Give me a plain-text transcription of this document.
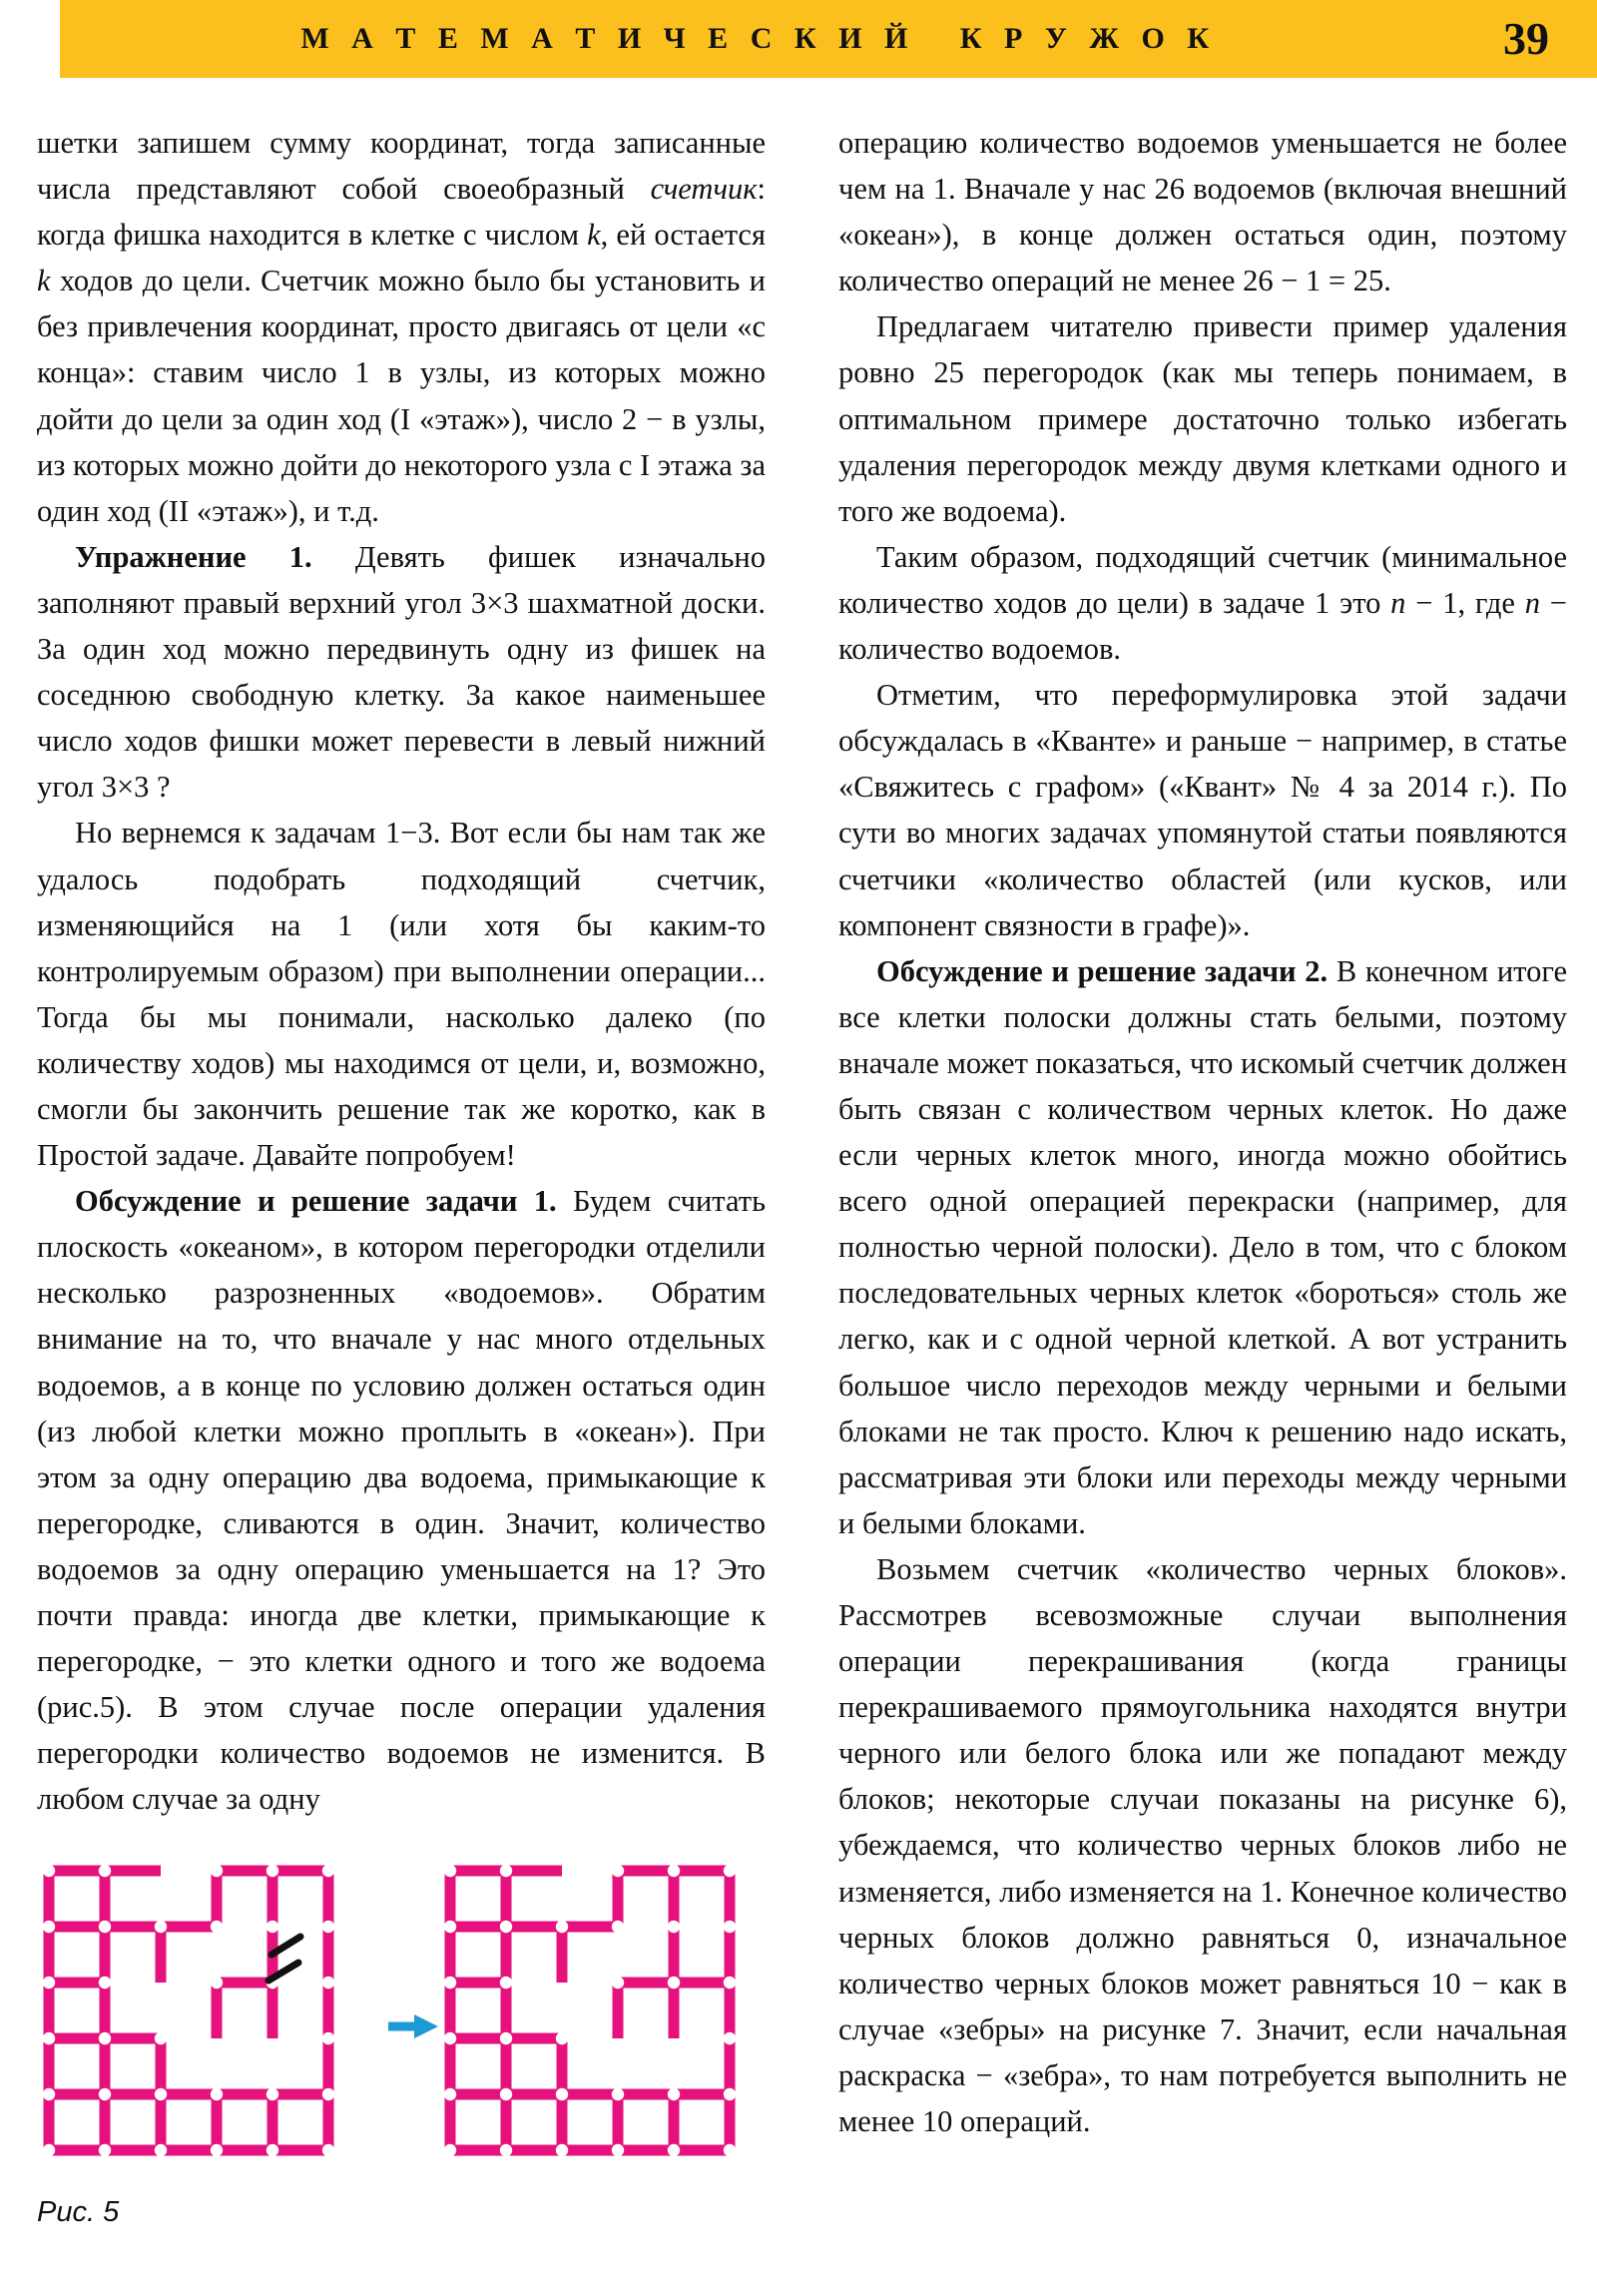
М А Т Е М А Т И Ч Е С К И Й   К Р У Ж О К	39

шетки запишем сумму координат, тогда записанные числа представляют собой своеобразный счетчик: когда фишка находится в клетке с числом k, ей остается k ходов до цели. Счетчик можно было бы установить и без привлечения координат, просто двигаясь от цели «с конца»: ставим число 1 в узлы, из которых можно дойти до цели за один ход (I «этаж»), число 2 − в узлы, из которых можно дойти до некоторого узла с I этажа за один ход (II «этаж»), и т.д.

Упражнение 1. Девять фишек изначально заполняют правый верхний угол 3×3 шахматной доски. За один ход можно передвинуть одну из фишек на соседнюю свободную клетку. За какое наименьшее число ходов фишки может перевести в левый нижний угол 3×3 ?

Но вернемся к задачам 1−3. Вот если бы нам так же удалось подобрать подходящий счетчик, изменяющийся на 1 (или хотя бы каким-то контролируемым образом) при выполнении операции... Тогда бы мы понимали, насколько далеко (по количеству ходов) мы находимся от цели, и, возможно, смогли бы закончить решение так же коротко, как в Простой задаче. Давайте попробуем!

Обсуждение и решение задачи 1. Будем считать плоскость «океаном», в котором перегородки отделили несколько разрозненных «водоемов». Обратим внимание на то, что вначале у нас много отдельных водоемов, а в конце по условию должен остаться один (из любой клетки можно проплыть в «океан»). При этом за одну операцию два водоема, примыкающие к перегородке, сливаются в один. Значит, количество водоемов за одну операцию уменьшается на 1? Это почти правда: иногда две клетки, примыкающие к перегородке, − это клетки одного и того же водоема (рис.5). В этом случае после операции удаления перегородки количество водоемов не изменится. В любом случае за одну

операцию количество водоемов уменьшается не более чем на 1. Вначале у нас 26 водоемов (включая внешний «океан»), в конце должен остаться один, поэтому количество операций не менее 26 − 1 = 25.

Предлагаем читателю привести пример удаления ровно 25 перегородок (как мы теперь понимаем, в оптимальном примере достаточно только избегать удаления перегородок между двумя клетками одного и того же водоема).

Таким образом, подходящий счетчик (минимальное количество ходов до цели) в задаче 1 это n − 1, где n − количество водоемов.

Отметим, что переформулировка этой задачи обсуждалась в «Кванте» и раньше − например, в статье «Свяжитесь с графом» («Квант» № 4 за 2014 г.). По сути во многих задачах упомянутой статьи появляются счетчики «количество областей (или кусков, или компонент связности в графе)».

Обсуждение и решение задачи 2. В конечном итоге все клетки полоски должны стать белыми, поэтому вначале может показаться, что искомый счетчик должен быть связан с количеством черных клеток. Но даже если черных клеток много, иногда можно обойтись всего одной операцией перекраски (например, для полностью черной полоски). Дело в том, что с блоком последовательных черных клеток «бороться» столь же легко, как и с одной черной клеткой. А вот устранить большое число переходов между черными и белыми блоками не так просто. Ключ к решению надо искать, рассматривая эти блоки или переходы между черными и белыми блоками.

Возьмем счетчик «количество черных блоков». Рассмотрев всевозможные случаи выполнения операции перекрашивания (когда границы перекрашиваемого прямоугольника находятся внутри черного или белого блока или же попадают между блоков; некоторые случаи показаны на рисунке 6), убеждаемся, что количество черных блоков либо не изменяется, либо изменяется на 1. Конечное количество черных блоков должно равняться 0, изначальное количество черных блоков может равняться 10 − как в случае «зебры» на рисунке 7. Значит, если начальная раскраска − «зебра», то нам потребуется выполнить не менее 10 операций.

Рис. 5
